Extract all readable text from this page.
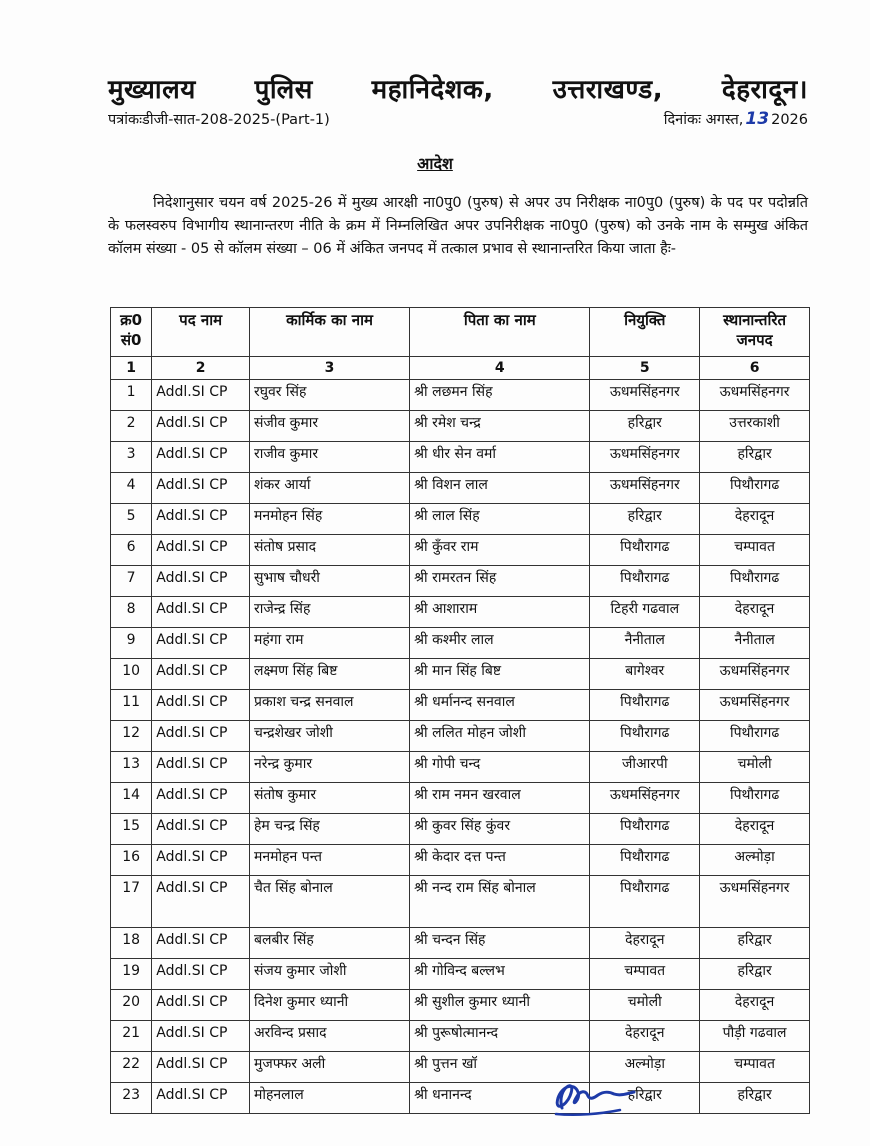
मुख्यालय पुलिस महानिदेशक, उत्तराखण्ड, देहरादून।
पत्रांकःडीजी-सात-208-2025-(Part-1)	दिनांकः अगस्त, 13 2026
आदेश
निदेशानुसार चयन वर्ष 2025-26 में मुख्य आरक्षी ना0पु0 (पुरुष) से अपर उप निरीक्षक ना0पु0 (पुरुष) के पद पर पदोन्नति के फलस्वरुप विभागीय स्थानान्तरण नीति के क्रम में निम्नलिखित अपर उपनिरीक्षक ना0पु0 (पुरुष) को उनके नाम के सम्मुख अंकित कॉलम संख्या - 05 से कॉलम संख्या – 06 में अंकित जनपद में तत्काल प्रभाव से स्थानान्तरित किया जाता हैः-
क्र0 सं0	पद नाम	कार्मिक का नाम	पिता का नाम	नियुक्ति	स्थानान्तरित जनपद
1	2	3	4	5	6
1	Addl.SI CP	रघुवर सिंह	श्री लछमन सिंह	ऊधमसिंहनगर	ऊधमसिंहनगर
2	Addl.SI CP	संजीव कुमार	श्री रमेश चन्द्र	हरिद्वार	उत्तरकाशी
3	Addl.SI CP	राजीव कुमार	श्री धीर सेन वर्मा	ऊधमसिंहनगर	हरिद्वार
4	Addl.SI CP	शंकर आर्या	श्री विशन लाल	ऊधमसिंहनगर	पिथौरागढ
5	Addl.SI CP	मनमोहन सिंह	श्री लाल सिंह	हरिद्वार	देहरादून
6	Addl.SI CP	संतोष प्रसाद	श्री कुँवर राम	पिथौरागढ	चम्पावत
7	Addl.SI CP	सुभाष चौधरी	श्री रामरतन सिंह	पिथौरागढ	पिथौरागढ
8	Addl.SI CP	राजेन्द्र सिंह	श्री आशाराम	टिहरी गढवाल	देहरादून
9	Addl.SI CP	महंगा राम	श्री कश्मीर लाल	नैनीताल	नैनीताल
10	Addl.SI CP	लक्ष्मण सिंह बिष्ट	श्री मान सिंह बिष्ट	बागेश्वर	ऊधमसिंहनगर
11	Addl.SI CP	प्रकाश चन्द्र सनवाल	श्री धर्मानन्द सनवाल	पिथौरागढ	ऊधमसिंहनगर
12	Addl.SI CP	चन्द्रशेखर जोशी	श्री ललित मोहन जोशी	पिथौरागढ	पिथौरागढ
13	Addl.SI CP	नरेन्द्र कुमार	श्री गोपी चन्द	जीआरपी	चमोली
14	Addl.SI CP	संतोष कुमार	श्री राम नमन खरवाल	ऊधमसिंहनगर	पिथौरागढ
15	Addl.SI CP	हेम चन्द्र सिंह	श्री कुवर सिंह कुंवर	पिथौरागढ	देहरादून
16	Addl.SI CP	मनमोहन पन्त	श्री केदार दत्त पन्त	पिथौरागढ	अल्मोड़ा
17	Addl.SI CP	चैत सिंह बोनाल	श्री नन्द राम सिंह बोनाल	पिथौरागढ	ऊधमसिंहनगर
18	Addl.SI CP	बलबीर सिंह	श्री चन्दन सिंह	देहरादून	हरिद्वार
19	Addl.SI CP	संजय कुमार जोशी	श्री गोविन्द बल्लभ	चम्पावत	हरिद्वार
20	Addl.SI CP	दिनेश कुमार ध्यानी	श्री सुशील कुमार ध्यानी	चमोली	देहरादून
21	Addl.SI CP	अरविन्द प्रसाद	श्री पुरूषोत्मानन्द	देहरादून	पौड़ी गढवाल
22	Addl.SI CP	मुजफ्फर अली	श्री पुत्तन खॉ	अल्मोड़ा	चम्पावत
23	Addl.SI CP	मोहनलाल	श्री धनानन्द	हरिद्वार	हरिद्वार
